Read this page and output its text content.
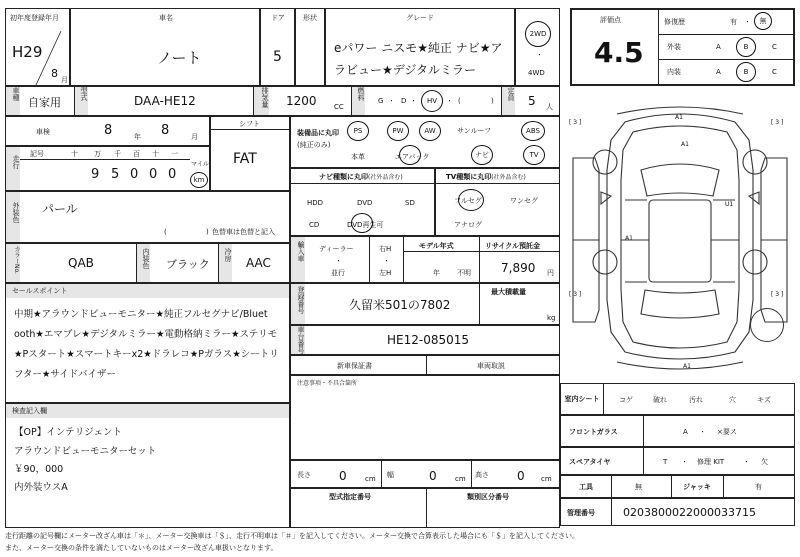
初年度登録年月
H29
8 月
車名
ノート
ドア
5
形状	グレード
eパワー ニスモ★純正 ナビ★ア
ラビュー★デジタルミラー
2WD
・
4WD
評価点
4.5
修復歴	有 ・ 無
外装	A	B	C
内装	A	B	C
車種
自家用
型式	DAA-HE12	排気量 1200 CC
燃料 G ・ D ・ HV ・ (	)	定員 5 人
車検	8	年 8	月
シフト
FAT
走行
記号	十 万 千 百 十 一
9 5 0 0 0
マイル
km
装備品に丸印
(純正のみ)
PS	PW	AW	サンルーフ	ABS
本革	エアバック	ナビ	TV
ナビ種類に丸印(社外品含む)
HDD	DVD	SD
CD	DVD再生可
TV種類に丸印(社外品含む)
フルセグ	ワンセグ
アナログ
外装色 パール
(	) 色替車は色替と記入
カラーNo.	QAB	内装色 ブラック
冷房
AAC
輸入車 ディーラー
・
並行
右H
・
左H
モデル年式
年 不明
リサイクル預託金
7,890 円
セールスポイント
中期★アラウンドビューモニター★純正フルセグナビ/Bluet
ooth★エマブレ★デジタルミラー★電動格納ミラー★ステリモ
★Pスタート★スマートキーx2★ドラレコ★Pガラス★シートリ
フター★サイドバイザー
登録番号	久留米501の7802
最大積載量
kg
車台番号	HE12-085015
新車保証書	車両取説
注意事項・不具合箇所
検査記入欄
【OP】インテリジェント
アラウンドビューモニターセット
￥90，000
内外装ウスA
長さ 0	cm 幅	0	cm 高さ 0 cm
型式指定番号	類別区分番号
[ 3 ]	[ 3 ]
[ 3 ]	[ 3 ]
A1
A1
U1
A1
A1
室内シート	コゲ	破れ	汚れ	穴	キズ
フロントガラス	A ・ ×要ス
スペアタイヤ	T ・ 修理 KIT	・ 欠
工具	無	ジャッキ	有
管理番号	0203800022000033715
走行距離の記号欄にメーター改ざん車は「＊」、メーター交換車は「＄」、走行不明車は「＃」を記入してください。メーター交換で合算表示した場合にも「＄」を記入してください。
また、メーター交換の条件を満たしていないものはメーター改ざん車扱いとなります。
